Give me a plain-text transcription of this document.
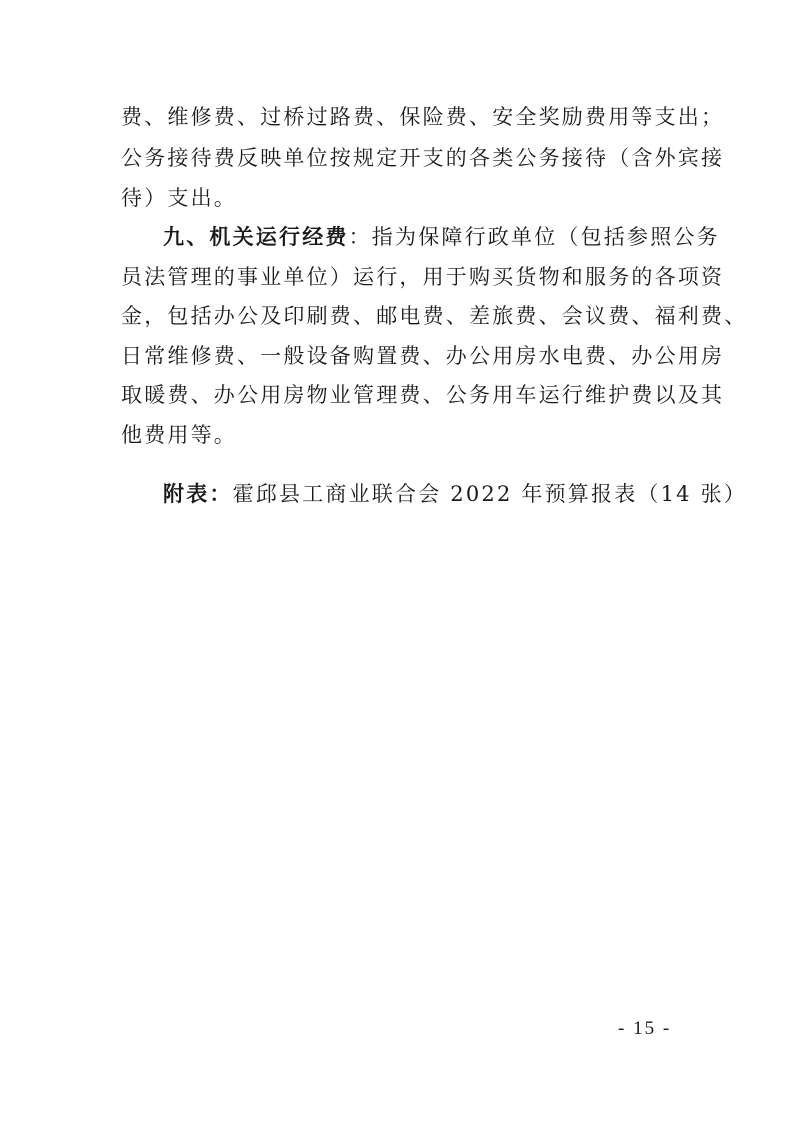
费、维修费、过桥过路费、保险费、安全奖励费用等支出；
公务接待费反映单位按规定开支的各类公务接待（含外宾接
待）支出。
九、机关运行经费：指为保障行政单位（包括参照公务
员法管理的事业单位）运行，用于购买货物和服务的各项资
金，包括办公及印刷费、邮电费、差旅费、会议费、福利费、
日常维修费、一般设备购置费、办公用房水电费、办公用房
取暖费、办公用房物业管理费、公务用车运行维护费以及其
他费用等。
附表：霍邱县工商业联合会 2022 年预算报表（14 张）
- 15 -
